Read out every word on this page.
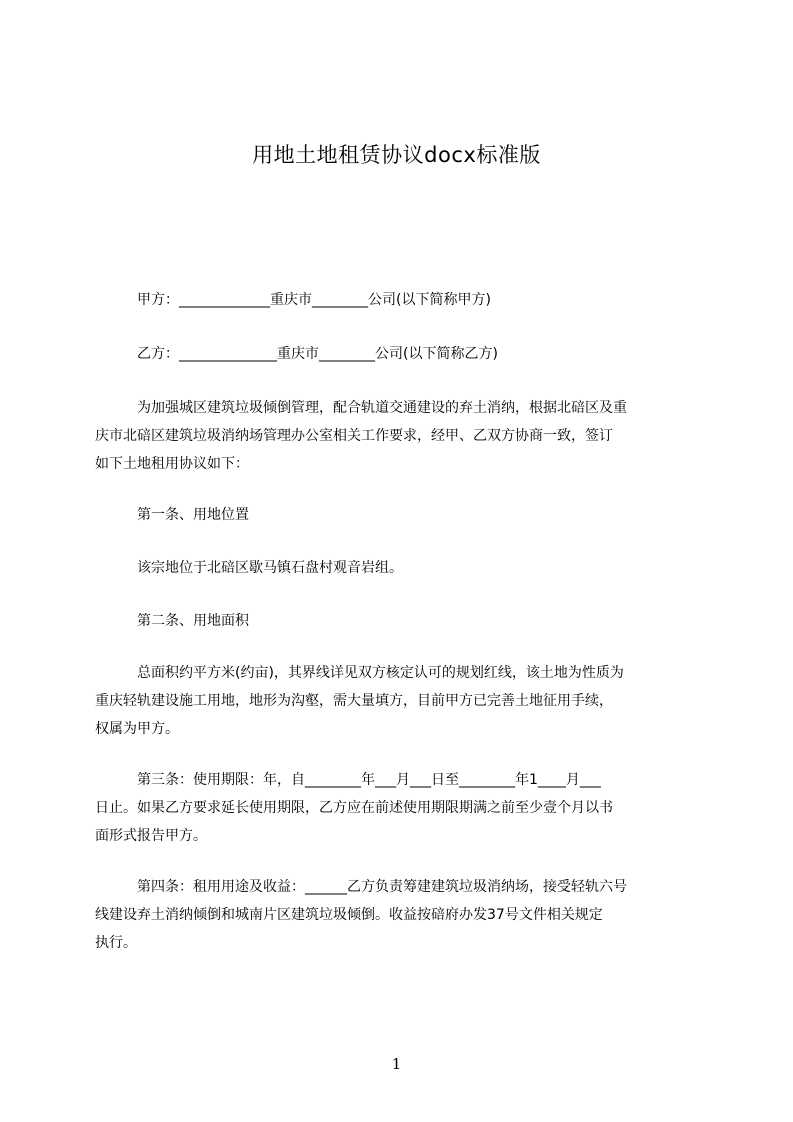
用地土地租赁协议docx标准版

甲方：_____________重庆市________公司(以下简称甲方)

乙方：______________重庆市________公司(以下简称乙方)

为加强城区建筑垃圾倾倒管理，配合轨道交通建设的弃土消纳，根据北碚区及重
庆市北碚区建筑垃圾消纳场管理办公室相关工作要求，经甲、乙双方协商一致，签订
如下土地租用协议如下：

第一条、用地位置

该宗地位于北碚区歇马镇石盘村观音岩组。

第二条、用地面积

总面积约平方米(约亩)，其界线详见双方核定认可的规划红线，该土地为性质为
重庆轻轨建设施工用地，地形为沟壑，需大量填方，目前甲方已完善土地征用手续，
权属为甲方。

第三条：使用期限：年，自________年___月___日至________年1____月___
日止。如果乙方要求延长使用期限，乙方应在前述使用期限期满之前至少壹个月以书
面形式报告甲方。

第四条：租用用途及收益：______乙方负责筹建建筑垃圾消纳场，接受轻轨六号
线建设弃土消纳倾倒和城南片区建筑垃圾倾倒。收益按碚府办发37号文件相关规定
执行。

1
